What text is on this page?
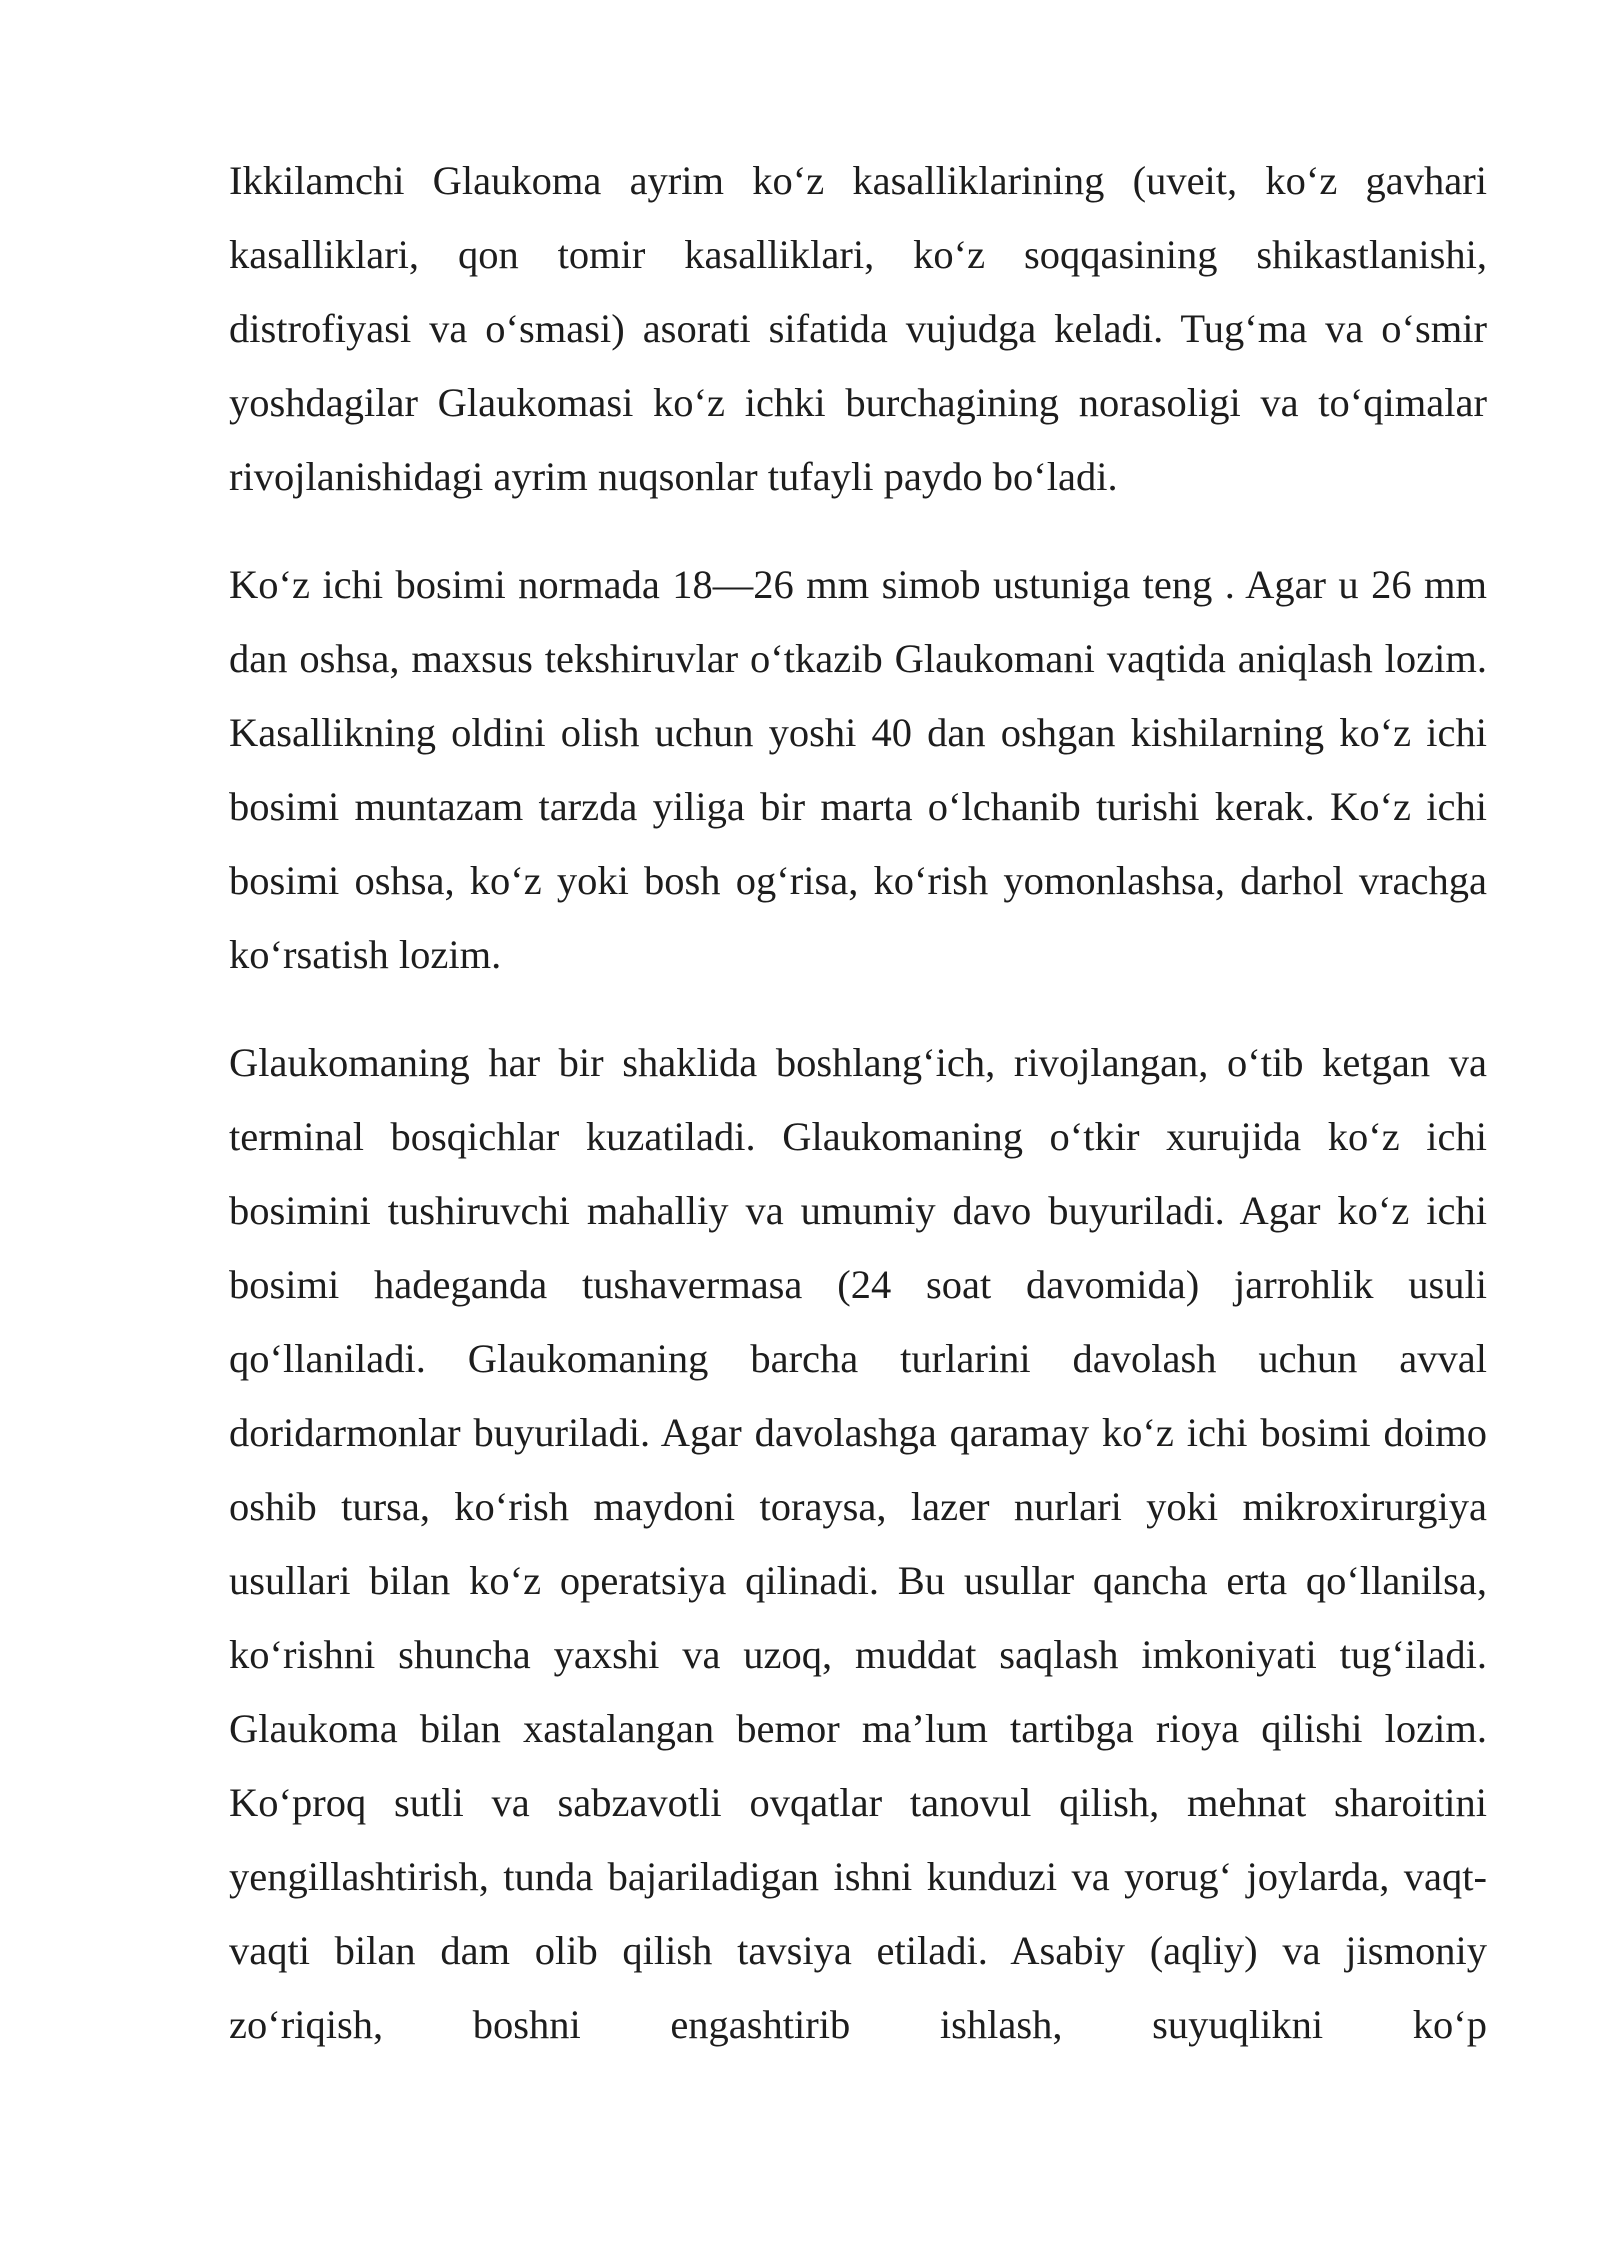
Ikkilamchi Glaukoma ayrim ko‘z kasalliklarining (uveit, ko‘z gavhari kasalliklari, qon tomir kasalliklari, ko‘z soqqasining shikastlanishi, distrofiyasi va o‘smasi) asorati sifatida vujudga keladi. Tug‘ma va o‘smir yoshdagilar Glaukomasi ko‘z ichki burchagining norasoligi va to‘qimalar rivojlanishidagi ayrim nuqsonlar tufayli paydo bo‘ladi.

Ko‘z ichi bosimi normada 18—26 mm simob ustuniga teng . Agar u 26 mm dan oshsa, maxsus tekshiruvlar o‘tkazib Glaukomani vaqtida aniqlash lozim. Kasallikning oldini olish uchun yoshi 40 dan oshgan kishilarning ko‘z ichi bosimi muntazam tarzda yiliga bir marta o‘lchanib turishi kerak. Ko‘z ichi bosimi oshsa, ko‘z yoki bosh og‘risa, ko‘rish yomonlashsa, darhol vrachga ko‘rsatish lozim.

Glaukomaning har bir shaklida boshlang‘ich, rivojlangan, o‘tib ketgan va terminal bosqichlar kuzatiladi. Glaukomaning o‘tkir xurujida ko‘z ichi bosimini tushiruvchi mahalliy va umumiy davo buyuriladi. Agar ko‘z ichi bosimi hadeganda tushavermasa (24 soat davomida) jarrohlik usuli qo‘llaniladi. Glaukomaning barcha turlarini davolash uchun avval doridarmonlar buyuriladi. Agar davolashga qaramay ko‘z ichi bosimi doimo oshib tursa, ko‘rish maydoni toraysa, lazer nurlari yoki mikroxirurgiya usullari bilan ko‘z operatsiya qilinadi. Bu usullar qancha erta qo‘llanilsa, ko‘rishni shuncha yaxshi va uzoq, muddat saqlash imkoniyati tug‘iladi. Glaukoma bilan xastalangan bemor ma’lum tartibga rioya qilishi lozim. Ko‘proq sutli va sabzavotli ovqatlar tanovul qilish, mehnat sharoitini yengillashtirish, tunda bajariladigan ishni kunduzi va yorug‘ joylarda, vaqt-vaqti bilan dam olib qilish tavsiya etiladi. Asabiy (aqliy) va jismoniy zo‘riqish, boshni engashtirib ishlash, suyuqlikni ko‘p
